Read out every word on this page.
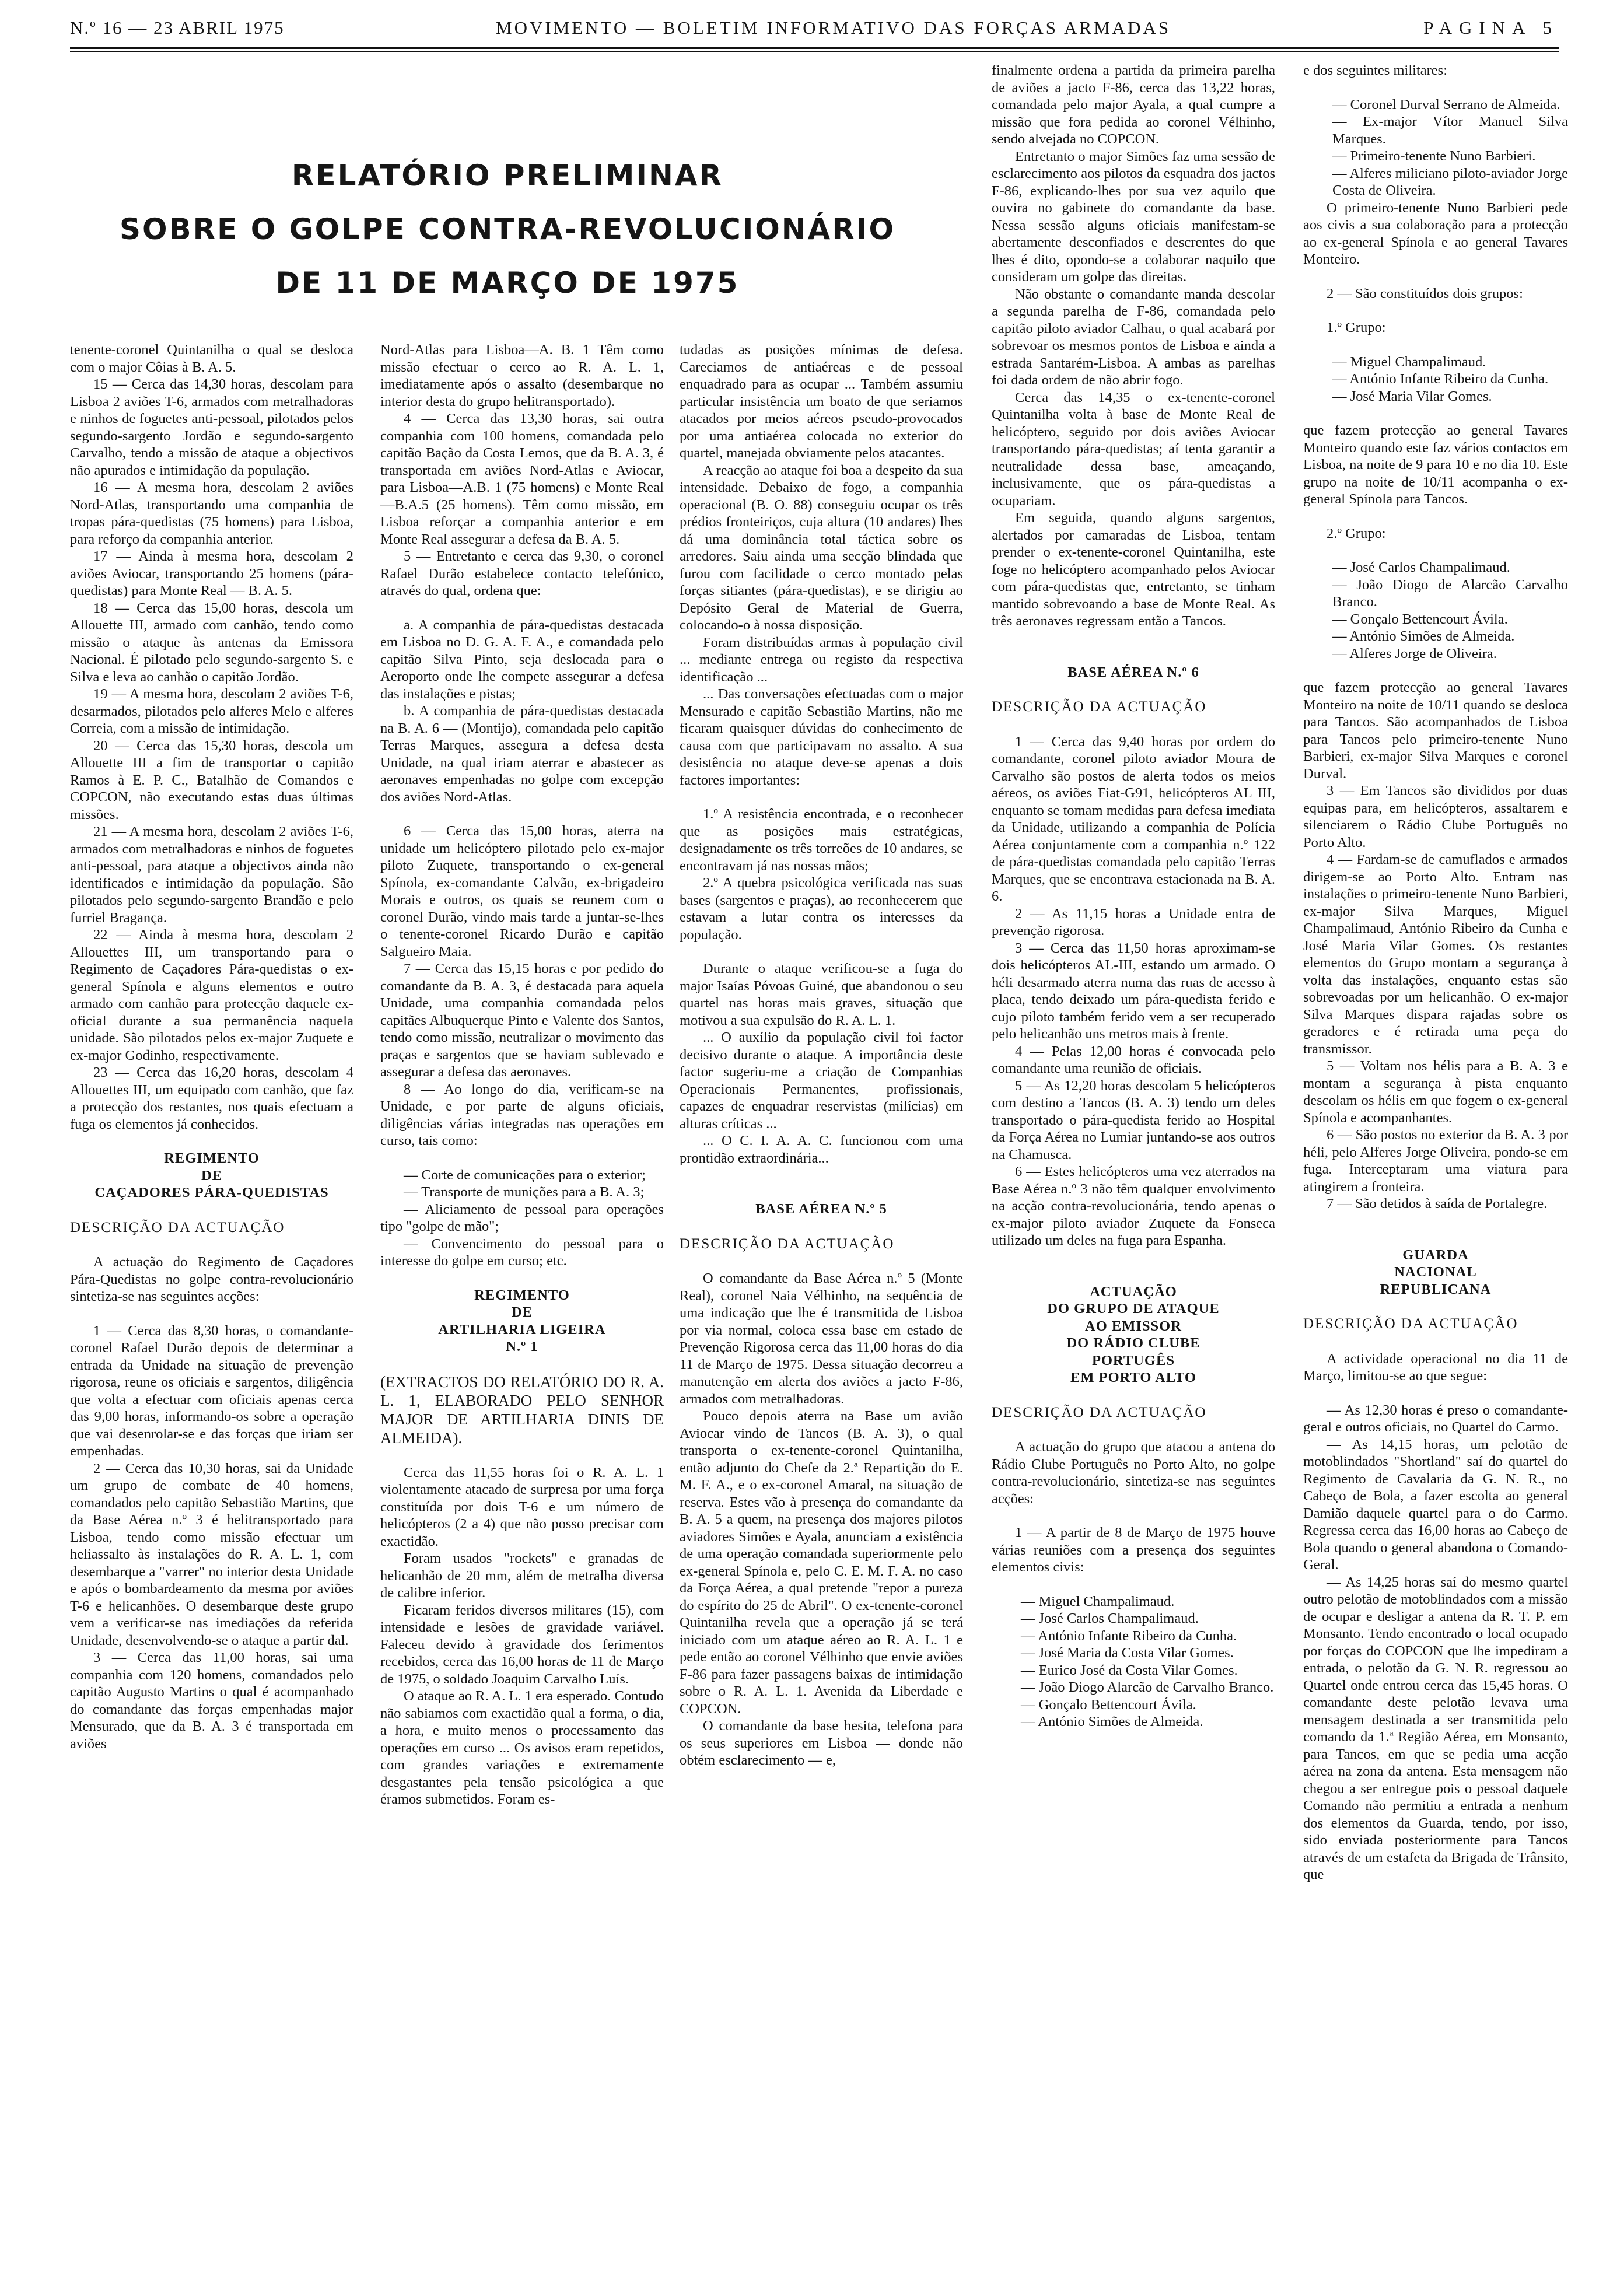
N.º 16 — 23 ABRIL 1975	MOVIMENTO — BOLETIM INFORMATIVO DAS FORÇAS ARMADAS	PAGINA 5
RELATÓRIO PRELIMINAR
SOBRE O GOLPE CONTRA-REVOLUCIONÁRIO
DE 11 DE MARÇO DE 1975

tenente-coronel Quintanilha o qual se desloca com o major Côias à B. A. 5.

15 — Cerca das 14,30 horas, descolam para Lisboa 2 aviões T-6, armados com metralhadoras e ninhos de foguetes anti-pessoal, pilotados pelos segundo-sargento Jordão e segundo-sargento Carvalho, tendo a missão de ataque a objectivos não apurados e intimidação da população.

16 — A mesma hora, descolam 2 aviões Nord-Atlas, transportando uma companhia de tropas pára-quedistas (75 homens) para Lisboa, para reforço da companhia anterior.

17 — Ainda à mesma hora, descolam 2 aviões Aviocar, transportando 25 homens (pára-quedistas) para Monte Real — B. A. 5.

18 — Cerca das 15,00 horas, descola um Allouette III, armado com canhão, tendo como missão o ataque às antenas da Emissora Nacional. É pilotado pelo segundo-sargento S. e Silva e leva ao canhão o capitão Jordão.

19 — A mesma hora, descolam 2 aviões T-6, desarmados, pilotados pelo alferes Melo e alferes Correia, com a missão de intimidação.

20 — Cerca das 15,30 horas, descola um Allouette III a fim de transportar o capitão Ramos à E. P. C., Batalhão de Comandos e COPCON, não executando estas duas últimas missões.

21 — A mesma hora, descolam 2 aviões T-6, armados com metralhadoras e ninhos de foguetes anti-pessoal, para ataque a objectivos ainda não identificados e intimidação da população. São pilotados pelo segundo-sargento Brandão e pelo furriel Bragança.

22 — Ainda à mesma hora, descolam 2 Allouettes III, um transportando para o Regimento de Caçadores Pára-quedistas o ex-general Spínola e alguns elementos e outro armado com canhão para protecção daquele ex-oficial durante a sua permanência naquela unidade. São pilotados pelos ex-major Zuquete e ex-major Godinho, respectivamente.

23 — Cerca das 16,20 horas, descolam 4 Allouettes III, um equipado com canhão, que faz a protecção dos restantes, nos quais efectuam a fuga os elementos já conhecidos.

REGIMENTO

DE

CAÇADORES PÁRA-QUEDISTAS

DESCRIÇÃO DA ACTUAÇÃO

A actuação do Regimento de Caçadores Pára-Quedistas no golpe contra-revolucionário sintetiza-se nas seguintes acções:

1 — Cerca das 8,30 horas, o comandante-coronel Rafael Durão depois de determinar a entrada da Unidade na situação de prevenção rigorosa, reune os oficiais e sargentos, diligência que volta a efectuar com oficiais apenas cerca das 9,00 horas, informando-os sobre a operação que vai desenrolar-se e das forças que iriam ser empenhadas.

2 — Cerca das 10,30 horas, sai da Unidade um grupo de combate de 40 homens, comandados pelo capitão Sebastião Martins, que da Base Aérea n.º 3 é helitransportado para Lisboa, tendo como missão efectuar um heliassalto às instalações do R. A. L. 1, com desembarque a "varrer" no interior desta Unidade e após o bombardeamento da mesma por aviões T-6 e helicanhões. O desembarque deste grupo vem a verificar-se nas imediações da referida Unidade, desenvolvendo-se o ataque a partir dal.

3 — Cerca das 11,00 horas, sai uma companhia com 120 homens, comandados pelo capitão Augusto Martins o qual é acompanhado do comandante das forças empenhadas major Mensurado, que da B. A. 3 é transportada em aviões

Nord-Atlas para Lisboa—A. B. 1 Têm como missão efectuar o cerco ao R. A. L. 1, imediatamente após o assalto (desembarque no interior desta do grupo helitransportado).

4 — Cerca das 13,30 horas, sai outra companhia com 100 homens, comandada pelo capitão Bação da Costa Lemos, que da B. A. 3, é transportada em aviões Nord-Atlas e Aviocar, para Lisboa—A.B. 1 (75 homens) e Monte Real—B.A.5 (25 homens). Têm como missão, em Lisboa reforçar a companhia anterior e em Monte Real assegurar a defesa da B. A. 5.

5 — Entretanto e cerca das 9,30, o coronel Rafael Durão estabelece contacto telefónico, através do qual, ordena que:

a. A companhia de pára-quedistas destacada em Lisboa no D. G. A. F. A., e comandada pelo capitão Silva Pinto, seja deslocada para o Aeroporto onde lhe compete assegurar a defesa das instalações e pistas;

b. A companhia de pára-quedistas destacada na B. A. 6 — (Montijo), comandada pelo capitão Terras Marques, assegura a defesa desta Unidade, na qual iriam aterrar e abastecer as aeronaves empenhadas no golpe com excepção dos aviões Nord-Atlas.

6 — Cerca das 15,00 horas, aterra na unidade um helicóptero pilotado pelo ex-major piloto Zuquete, transportando o ex-general Spínola, ex-comandante Calvão, ex-brigadeiro Morais e outros, os quais se reunem com o coronel Durão, vindo mais tarde a juntar-se-lhes o tenente-coronel Ricardo Durão e capitão Salgueiro Maia.

7 — Cerca das 15,15 horas e por pedido do comandante da B. A. 3, é destacada para aquela Unidade, uma companhia comandada pelos capitães Albuquerque Pinto e Valente dos Santos, tendo como missão, neutralizar o movimento das praças e sargentos que se haviam sublevado e assegurar a defesa das aeronaves.

8 — Ao longo do dia, verificam-se na Unidade, e por parte de alguns oficiais, diligências várias integradas nas operações em curso, tais como:

— Corte de comunicações para o exterior;

— Transporte de munições para a B. A. 3;

— Aliciamento de pessoal para operações tipo "golpe de mão";

— Convencimento do pessoal para o interesse do golpe em curso; etc.

REGIMENTO

DE

ARTILHARIA LIGEIRA

N.º 1

(EXTRACTOS DO RELATÓRIO DO R. A. L. 1, ELABORADO PELO SENHOR MAJOR DE ARTILHARIA DINIS DE ALMEIDA).

Cerca das 11,55 horas foi o R. A. L. 1 violentamente atacado de surpresa por uma força constituída por dois T-6 e um número de helicópteros (2 a 4) que não posso precisar com exactidão.

Foram usados "rockets" e granadas de helicanhão de 20 mm, além de metralha diversa de calibre inferior.

Ficaram feridos diversos militares (15), com intensidade e lesões de gravidade variável. Faleceu devido à gravidade dos ferimentos recebidos, cerca das 16,00 horas de 11 de Março de 1975, o soldado Joaquim Carvalho Luís.

O ataque ao R. A. L. 1 era esperado. Contudo não sabiamos com exactidão qual a forma, o dia, a hora, e muito menos o processamento das operações em curso ... Os avisos eram repetidos, com grandes variações e extremamente desgastantes pela tensão psicológica a que éramos submetidos. Foram es-

tudadas as posições mínimas de defesa. Careciamos de antiaéreas e de pessoal enquadrado para as ocupar ... Também assumiu particular insistência um boato de que seriamos atacados por meios aéreos pseudo-provocados por uma antiaérea colocada no exterior do quartel, manejada obviamente pelos atacantes.

A reacção ao ataque foi boa a despeito da sua intensidade. Debaixo de fogo, a companhia operacional (B. O. 88) conseguiu ocupar os três prédios fronteiriços, cuja altura (10 andares) lhes dá uma dominância total táctica sobre os arredores. Saiu ainda uma secção blindada que furou com facilidade o cerco montado pelas forças sitiantes (pára-quedistas), e se dirigiu ao Depósito Geral de Material de Guerra, colocando-o à nossa disposição.

Foram distribuídas armas à população civil ... mediante entrega ou registo da respectiva identificação ...

... Das conversações efectuadas com o major Mensurado e capitão Sebastião Martins, não me ficaram quaisquer dúvidas do conhecimento de causa com que participavam no assalto. A sua desistência no ataque deve-se apenas a dois factores importantes:

1.º A resistência encontrada, e o reconhecer que as posições mais estratégicas, designadamente os três torreões de 10 andares, se encontravam já nas nossas mãos;

2.º A quebra psicológica verificada nas suas bases (sargentos e praças), ao reconhecerem que estavam a lutar contra os interesses da população.

Durante o ataque verificou-se a fuga do major Isaías Póvoas Guiné, que abandonou o seu quartel nas horas mais graves, situação que motivou a sua expulsão do R. A. L. 1.

... O auxílio da população civil foi factor decisivo durante o ataque. A importância deste factor sugeriu-me a criação de Companhias Operacionais Permanentes, profissionais, capazes de enquadrar reservistas (milícias) em alturas críticas ...

... O C. I. A. A. C. funcionou com uma prontidão extraordinária...

BASE AÉREA N.º 5

DESCRIÇÃO DA ACTUAÇÃO

O comandante da Base Aérea n.º 5 (Monte Real), coronel Naia Vélhinho, na sequência de uma indicação que lhe é transmitida de Lisboa por via normal, coloca essa base em estado de Prevenção Rigorosa cerca das 11,00 horas do dia 11 de Março de 1975. Dessa situação decorreu a manutenção em alerta dos aviões a jacto F-86, armados com metralhadoras.

Pouco depois aterra na Base um avião Aviocar vindo de Tancos (B. A. 3), o qual transporta o ex-tenente-coronel Quintanilha, então adjunto do Chefe da 2.ª Repartição do E. M. F. A., e o ex-coronel Amaral, na situação de reserva. Estes vão à presença do comandante da B. A. 5 a quem, na presença dos majores pilotos aviadores Simões e Ayala, anunciam a existência de uma operação comandada superiormente pelo ex-general Spínola e, pelo C. E. M. F. A. no caso da Força Aérea, a qual pretende "repor a pureza do espírito do 25 de Abril". O ex-tenente-coronel Quintanilha revela que a operação já se terá iniciado com um ataque aéreo ao R. A. L. 1 e pede então ao coronel Vélhinho que envie aviões F-86 para fazer passagens baixas de intimidação sobre o R. A. L. 1. Avenida da Liberdade e COPCON.

O comandante da base hesita, telefona para os seus superiores em Lisboa — donde não obtém esclarecimento — e,

finalmente ordena a partida da primeira parelha de aviões a jacto F-86, cerca das 13,22 horas, comandada pelo major Ayala, a qual cumpre a missão que fora pedida ao coronel Vélhinho, sendo alvejada no COPCON.

Entretanto o major Simões faz uma sessão de esclarecimento aos pilotos da esquadra dos jactos F-86, explicando-lhes por sua vez aquilo que ouvira no gabinete do comandante da base. Nessa sessão alguns oficiais manifestam-se abertamente desconfiados e descrentes do que lhes é dito, opondo-se a colaborar naquilo que consideram um golpe das direitas.

Não obstante o comandante manda descolar a segunda parelha de F-86, comandada pelo capitão piloto aviador Calhau, o qual acabará por sobrevoar os mesmos pontos de Lisboa e ainda a estrada Santarém-Lisboa. A ambas as parelhas foi dada ordem de não abrir fogo.

Cerca das 14,35 o ex-tenente-coronel Quintanilha volta à base de Monte Real de helicóptero, seguido por dois aviões Aviocar transportando pára-quedistas; aí tenta garantir a neutralidade dessa base, ameaçando, inclusivamente, que os pára-quedistas a ocupariam.

Em seguida, quando alguns sargentos, alertados por camaradas de Lisboa, tentam prender o ex-tenente-coronel Quintanilha, este foge no helicóptero acompanhado pelos Aviocar com pára-quedistas que, entretanto, se tinham mantido sobrevoando a base de Monte Real. As três aeronaves regressam então a Tancos.

BASE AÉREA N.º 6

DESCRIÇÃO DA ACTUAÇÃO

1 — Cerca das 9,40 horas por ordem do comandante, coronel piloto aviador Moura de Carvalho são postos de alerta todos os meios aéreos, os aviões Fiat-G91, helicópteros AL III, enquanto se tomam medidas para defesa imediata da Unidade, utilizando a companhia de Polícia Aérea conjuntamente com a companhia n.º 122 de pára-quedistas comandada pelo capitão Terras Marques, que se encontrava estacionada na B. A. 6.

2 — As 11,15 horas a Unidade entra de prevenção rigorosa.

3 — Cerca das 11,50 horas aproximam-se dois helicópteros AL-III, estando um armado. O héli desarmado aterra numa das ruas de acesso à placa, tendo deixado um pára-quedista ferido e cujo piloto também ferido vem a ser recuperado pelo helicanhão uns metros mais à frente.

4 — Pelas 12,00 horas é convocada pelo comandante uma reunião de oficiais.

5 — As 12,20 horas descolam 5 helicópteros com destino a Tancos (B. A. 3) tendo um deles transportado o pára-quedista ferido ao Hospital da Força Aérea no Lumiar juntando-se aos outros na Chamusca.

6 — Estes helicópteros uma vez aterrados na Base Aérea n.º 3 não têm qualquer envolvimento na acção contra-revolucionária, tendo apenas o ex-major piloto aviador Zuquete da Fonseca utilizado um deles na fuga para Espanha.

ACTUAÇÃO

DO GRUPO DE ATAQUE

AO EMISSOR

DO RÁDIO CLUBE

PORTUGÊS

EM PORTO ALTO

DESCRIÇÃO DA ACTUAÇÃO

A actuação do grupo que atacou a antena do Rádio Clube Português no Porto Alto, no golpe contra-revolucionário, sintetiza-se nas seguintes acções:

1 — A partir de 8 de Março de 1975 houve várias reuniões com a presença dos seguintes elementos civis:

— Miguel Champalimaud.

— José Carlos Champalimaud.

— António Infante Ribeiro da Cunha.

— José Maria da Costa Vilar Gomes.

— Eurico José da Costa Vilar Gomes.

— João Diogo Alarcão de Carvalho Branco.

— Gonçalo Bettencourt Ávila.

— António Simões de Almeida.

e dos seguintes militares:

— Coronel Durval Serrano de Almeida.

— Ex-major Vítor Manuel Silva Marques.

— Primeiro-tenente Nuno Barbieri.

— Alferes miliciano piloto-aviador Jorge Costa de Oliveira.

O primeiro-tenente Nuno Barbieri pede aos civis a sua colaboração para a protecção ao ex-general Spínola e ao general Tavares Monteiro.

2 — São constituídos dois grupos:

1.º Grupo:

— Miguel Champalimaud.

— António Infante Ribeiro da Cunha.

— José Maria Vilar Gomes.

que fazem protecção ao general Tavares Monteiro quando este faz vários contactos em Lisboa, na noite de 9 para 10 e no dia 10. Este grupo na noite de 10/11 acompanha o ex-general Spínola para Tancos.

2.º Grupo:

— José Carlos Champalimaud.

— João Diogo de Alarcão Carvalho Branco.

— Gonçalo Bettencourt Ávila.

— António Simões de Almeida.

— Alferes Jorge de Oliveira.

que fazem protecção ao general Tavares Monteiro na noite de 10/11 quando se desloca para Tancos. São acompanhados de Lisboa para Tancos pelo primeiro-tenente Nuno Barbieri, ex-major Silva Marques e coronel Durval.

3 — Em Tancos são divididos por duas equipas para, em helicópteros, assaltarem e silenciarem o Rádio Clube Português no Porto Alto.

4 — Fardam-se de camuflados e armados dirigem-se ao Porto Alto. Entram nas instalações o primeiro-tenente Nuno Barbieri, ex-major Silva Marques, Miguel Champalimaud, António Ribeiro da Cunha e José Maria Vilar Gomes. Os restantes elementos do Grupo montam a segurança à volta das instalações, enquanto estas são sobrevoadas por um helicanhão. O ex-major Silva Marques dispara rajadas sobre os geradores e é retirada uma peça do transmissor.

5 — Voltam nos hélis para a B. A. 3 e montam a segurança à pista enquanto descolam os hélis em que fogem o ex-general Spínola e acompanhantes.

6 — São postos no exterior da B. A. 3 por héli, pelo Alferes Jorge Oliveira, pondo-se em fuga. Interceptaram uma viatura para atingirem a fronteira.

7 — São detidos à saída de Portalegre.

GUARDA

NACIONAL

REPUBLICANA

DESCRIÇÃO DA ACTUAÇÃO

A actividade operacional no dia 11 de Março, limitou-se ao que segue:

— As 12,30 horas é preso o comandante-geral e outros oficiais, no Quartel do Carmo.

— As 14,15 horas, um pelotão de motoblindados "Shortland" saí do quartel do Regimento de Cavalaria da G. N. R., no Cabeço de Bola, a fazer escolta ao general Damião daquele quartel para o do Carmo. Regressa cerca das 16,00 horas ao Cabeço de Bola quando o general abandona o Comando-Geral.

— As 14,25 horas saí do mesmo quartel outro pelotão de motoblindados com a missão de ocupar e desligar a antena da R. T. P. em Monsanto. Tendo encontrado o local ocupado por forças do COPCON que lhe impediram a entrada, o pelotão da G. N. R. regressou ao Quartel onde entrou cerca das 15,45 horas. O comandante deste pelotão levava uma mensagem destinada a ser transmitida pelo comando da 1.ª Região Aérea, em Monsanto, para Tancos, em que se pedia uma acção aérea na zona da antena. Esta mensagem não chegou a ser entregue pois o pessoal daquele Comando não permitiu a entrada a nenhum dos elementos da Guarda, tendo, por isso, sido enviada posteriormente para Tancos através de um estafeta da Brigada de Trânsito, que
